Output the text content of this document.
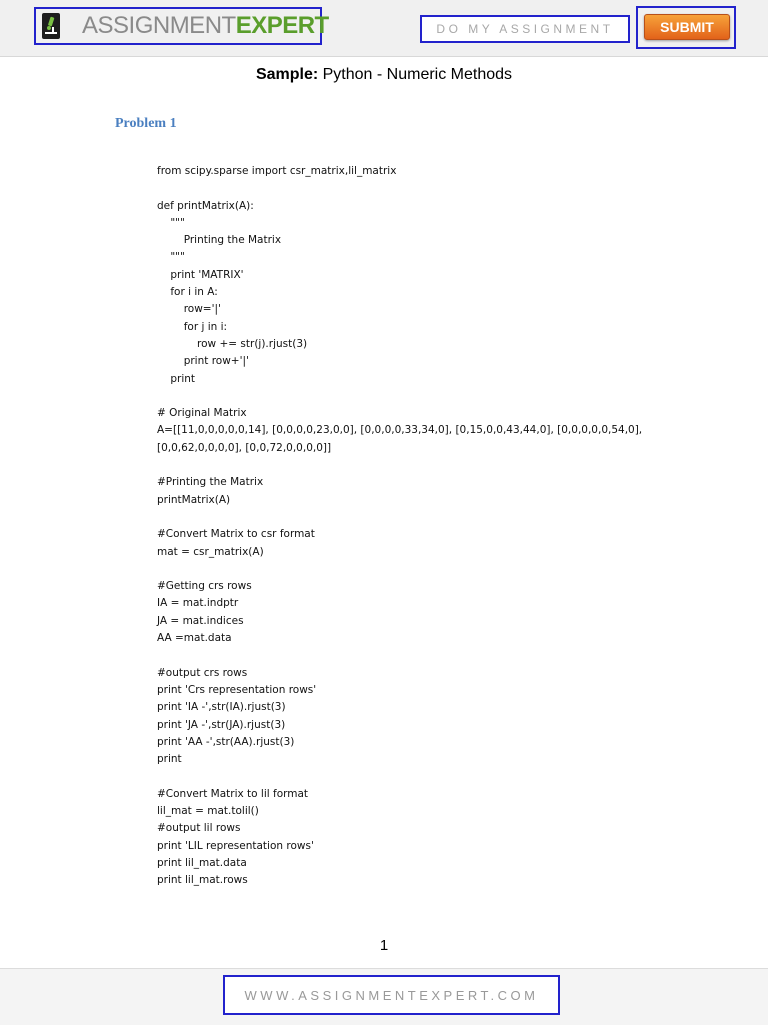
ASSIGNMENTEXPERT	DO MY ASSIGNMENT	SUBMIT
Sample: Python - Numeric Methods
Problem 1
from scipy.sparse import csr_matrix,lil_matrix

def printMatrix(A):
"""
Printing the Matrix
"""
print 'MATRIX'
for i in A:
row='|'
for j in i:
row += str(j).rjust(3)
print row+'|'
print

# Original Matrix
A=[[11,0,0,0,0,0,14], [0,0,0,0,23,0,0], [0,0,0,0,33,34,0], [0,15,0,0,43,44,0], [0,0,0,0,0,54,0],
[0,0,62,0,0,0,0], [0,0,72,0,0,0,0]]

#Printing the Matrix
printMatrix(A)

#Convert Matrix to csr format
mat = csr_matrix(A)

#Getting crs rows
IA = mat.indptr
JA = mat.indices
AA =mat.data

#output crs rows
print 'Crs representation rows'
print 'IA -',str(IA).rjust(3)
print 'JA -',str(JA).rjust(3)
print 'AA -',str(AA).rjust(3)
print

#Convert Matrix to lil format
lil_mat = mat.tolil()
#output lil rows
print 'LIL representation rows'
print lil_mat.data
print lil_mat.rows
1
WWW.ASSIGNMENTEXPERT.COM
